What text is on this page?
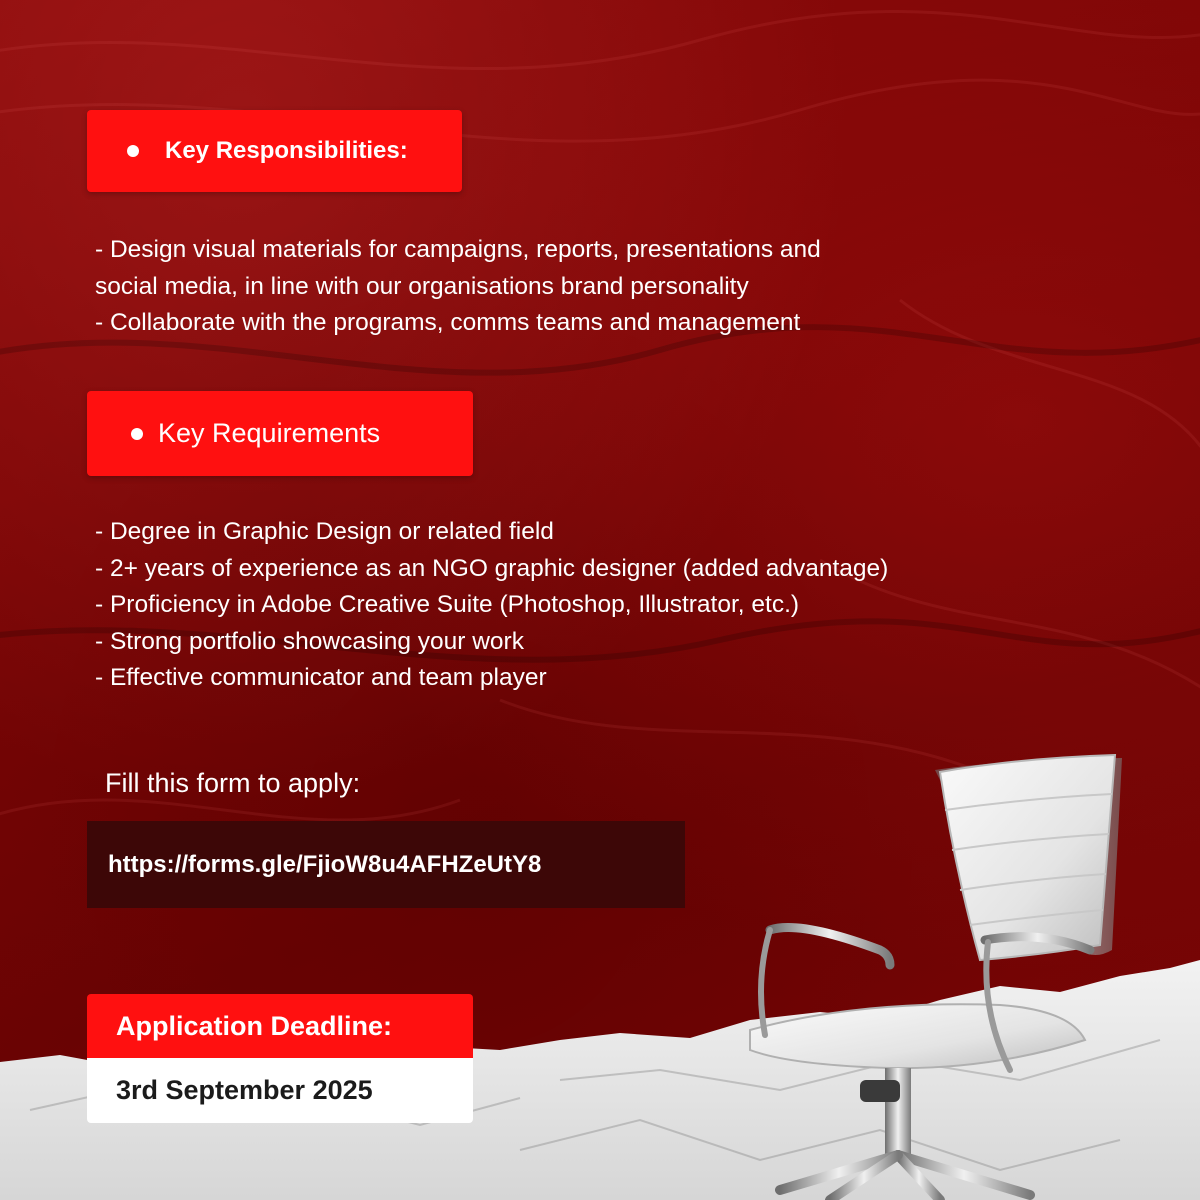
Key Responsibilities:
- Design visual materials for campaigns, reports, presentations and
social media, in line with our organisations brand personality
- Collaborate with the programs, comms teams and management
Key Requirements
- Degree in Graphic Design or related field
- 2+ years of experience as an NGO graphic designer (added advantage)
- Proficiency in Adobe Creative Suite (Photoshop, Illustrator, etc.)
- Strong portfolio showcasing your work
- Effective communicator and team player
Fill this form to apply:
https://forms.gle/FjioW8u4AFHZeUtY8
Application Deadline:
3rd September 2025
